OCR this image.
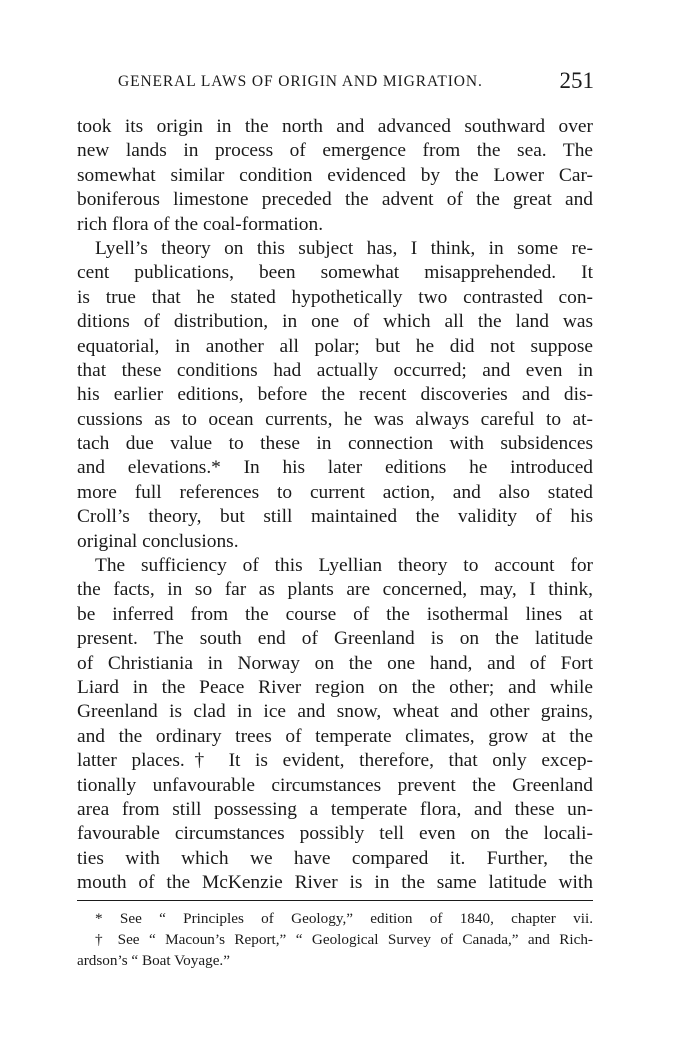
GENERAL LAWS OF ORIGIN AND MIGRATION.	251
took its origin in the north and advanced southward over
new lands in process of emergence from the sea. The
somewhat similar condition evidenced by the Lower Car-
boniferous limestone preceded the advent of the great and
rich flora of the coal-formation.
Lyell’s theory on this subject has, I think, in some re-
cent publications, been somewhat misapprehended. It
is true that he stated hypothetically two contrasted con-
ditions of distribution, in one of which all the land was
equatorial, in another all polar; but he did not suppose
that these conditions had actually occurred; and even in
his earlier editions, before the recent discoveries and dis-
cussions as to ocean currents, he was always careful to at-
tach due value to these in connection with subsidences
and elevations.* In his later editions he introduced
more full references to current action, and also stated
Croll’s theory, but still maintained the validity of his
original conclusions.
The sufficiency of this Lyellian theory to account for
the facts, in so far as plants are concerned, may, I think,
be inferred from the course of the isothermal lines at
present. The south end of Greenland is on the latitude
of Christiania in Norway on the one hand, and of Fort
Liard in the Peace River region on the other; and while
Greenland is clad in ice and snow, wheat and other grains,
and the ordinary trees of temperate climates, grow at the
latter places.† It is evident, therefore, that only excep-
tionally unfavourable circumstances prevent the Greenland
area from still possessing a temperate flora, and these un-
favourable circumstances possibly tell even on the locali-
ties with which we have compared it. Further, the
mouth of the McKenzie River is in the same latitude with
* See “ Principles of Geology,” edition of 1840, chapter vii.
† See “ Macoun’s Report,” “ Geological Survey of Canada,” and Rich-
ardson’s “ Boat Voyage.”
